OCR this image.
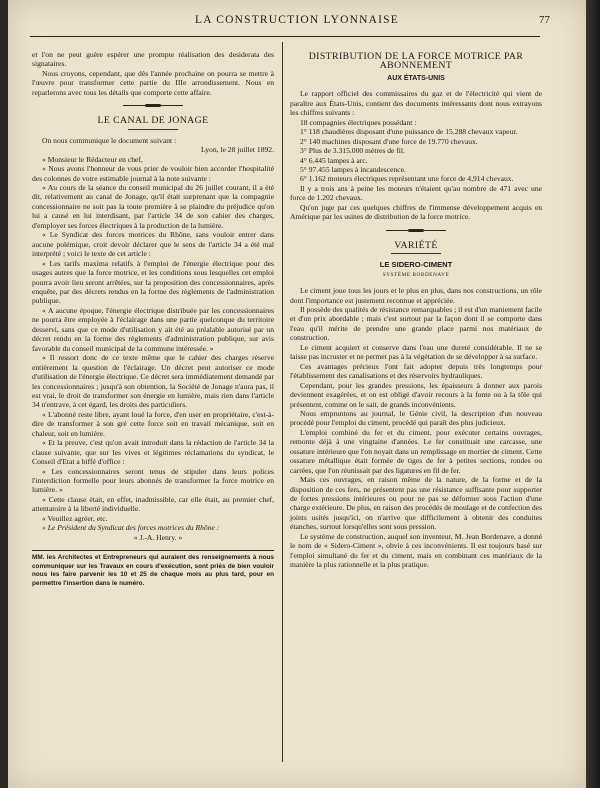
LA CONSTRUCTION LYONNAISE	77

et l'on ne peut guère espérer une prompte réalisation des desiderata des signataires.

Nous croyons, cependant, que dès l'année prochaine on pourra se mettre à l'œuvre pour transformer cette partie du IIIe arrondissement. Nous en reparlerons avec tous les détails que comporte cette affaire.

LE CANAL DE JONAGE

On nous communique le document suivant :

Lyon, le 28 juillet 1892.

« Monsieur le Rédacteur en chef,

« Nous avons l'honneur de vous prier de vouloir bien accorder l'hospitalité des colonnes de votre estimable journal à la note suivante :

« Au cours de la séance du conseil municipal du 26 juillet courant, il a été dit, relativement au canal de Jonage, qu'il était surprenant que la compagnie concessionnaire ne soit pas la toute première à se plaindre du préjudice qu'on lui a causé en lui interdisant, par l'article 34 de son cahier des charges, d'employer ses forces électriques à la production de la lumière.

« Le Syndicat des forces motrices du Rhône, sans vouloir entrer dans aucune polémique, croit devoir déclarer que le sens de l'article 34 a été mal interprété ; voici le texte de cet article :

« Les tarifs maxima relatifs à l'emploi de l'énergie électrique pour des usages autres que la force motrice, et les conditions sous lesquelles cet emploi pourra avoir lieu seront arrêtées, sur la proposition des concessionnaires, après enquête, par des décrets rendus en la forme des règlements de l'administration publique.

« A aucune époque, l'énergie électrique distribuée par les concessionnaires ne pourra être employée à l'éclairage dans une partie quelconque du territoire desservi, sans que ce mode d'utilisation y ait été au préalable autorisé par un décret rendu en la forme des règlements d'administration publique, sur avis favorable du conseil municipal de la commune intéressée. »

« Il ressort donc de ce texte même que le cahier des charges réserve entièrement la question de l'éclairage. Un décret peut autoriser ce mode d'utilisation de l'énergie électrique. Ce décret sera immédiatement demandé par les concessionnaires ; jusqu'à son obtention, la Société de Jonage n'aura pas, il est vrai, le droit de transformer son énergie en lumière, mais rien dans l'article 34 n'entrave, à cet égard, les droits des particuliers.

« L'abonné reste libre, ayant loué la force, d'en user en propriétaire, c'est-à-dire de transformer à son gré cette force soit en travail mécanique, soit en chaleur, soit en lumière.

« Et la preuve, c'est qu'on avait introduit dans la rédaction de l'article 34 la clause suivante, que sur les vives et légitimes réclamations du syndicat, le Conseil d'Etat a biffé d'office :

« Les concessionnaires seront tenus de stipuler dans leurs polices l'interdiction formelle pour leurs abonnés de transformer la force motrice en lumière. »

« Cette clause était, en effet, inadmissible, car elle était, au premier chef, attentatoire à la liberté individuelle.

« Veuillez agréer, etc.

« Le Président du Syndicat des forces motrices du Rhône :

« J.-A. Henry. »

MM. les Architectes et Entrepreneurs qui auraient des renseignements à nous communiquer sur les Travaux en cours d'exécution, sont priés de bien vouloir nous les faire parvenir les 10 et 25 de chaque mois au plus tard, pour en permettre l'insertion dans le numéro.
DISTRIBUTION DE LA FORCE MOTRICE PAR ABONNEMENT
AUX ÉTATS-UNIS

Le rapport officiel des commissaires du gaz et de l'électricité qui vient de paraître aux États-Unis, contient des documents intéressants dont nous extrayons les chiffres suivants :

18 compagnies électriques possédant :

1° 118 chaudières disposant d'une puissance de 15.288 chevaux vapeur.

2° 140 machines disposant d'une force de 19.770 chevaux.

3° Plus de 3.315.000 mètres de fil.

4° 6.445 lampes à arc.

5° 97.455 lampes à incandescence.

6° 1.162 moteurs électriques représentant une force de 4,914 chevaux.

Il y a trois ans à peine les moteurs n'étaient qu'au nombre de 471 avec une force de 1.202 chevaux.

Qu'on juge par ces quelques chiffres de l'immense développement acquis en Amérique par les usines de distribution de la force motrice.

VARIÉTÉ
LE SIDERO-CIMENT
SYSTÈME BORDENAVE

Le ciment joue tous les jours et le plus en plus, dans nos constructions, un rôle dont l'importance est justement reconnue et appréciée.

Il possède des qualités de résistance remarquables ; il est d'un maniement facile et d'un prix abordable ; mais c'est surtout par la façon dont il se comporte dans l'eau qu'il mérite de prendre une grande place parmi nos matériaux de construction.

Le ciment acquiert et conserve dans l'eau une dureté considérable. Il ne se laisse pas incruster et ne permet pas à la végétation de se développer à sa surface.

Ces avantages précieux l'ont fait adopter depuis très longtemps pour l'établissement des canalisations et des réservoirs hydrauliques.

Cependant, pour les grandes pressions, les épaisseurs à donner aux parois deviennent exagérées, et on est obligé d'avoir recours à la fonte ou à la tôle qui présentent, comme on le sait, de grands inconvénients.

Nous empruntons au journal, le Génie civil, la description d'un nouveau procédé pour l'emploi du ciment, procédé qui paraît des plus judicieux.

L'emploi combiné du fer et du ciment, pour exécuter certains ouvrages, remonte déjà à une vingtaine d'années. Le fer constituait une carcasse, une ossature intérieure que l'on noyait dans un remplissage en mortier de ciment. Cette ossature métallique était formée de tiges de fer à petites sections, rondes ou carrées, que l'on réunissait par des ligatures en fil de fer.

Mais ces ouvrages, en raison même de la nature, de la forme et de la disposition de ces fers, ne présentent pas une résistance suffisante pour supporter de fortes pressions intérieures ou pour ne pas se déformer sous l'action d'une charge extérieure. De plus, en raison des procédés de moulage et de confection des joints usités jusqu'ici, on n'arrive que difficilement à obtenir des conduites étanches, surtout lorsqu'elles sont sous pression.

Le système de construction, auquel son inventeur, M. Jean Bordenave, a donné le nom de « Sidero-Ciment », obvie à ces inconvénients. Il est toujours basé sur l'emploi simultané du fer et du ciment, mais en combinant ces matériaux de la manière la plus rationnelle et la plus pratique.
